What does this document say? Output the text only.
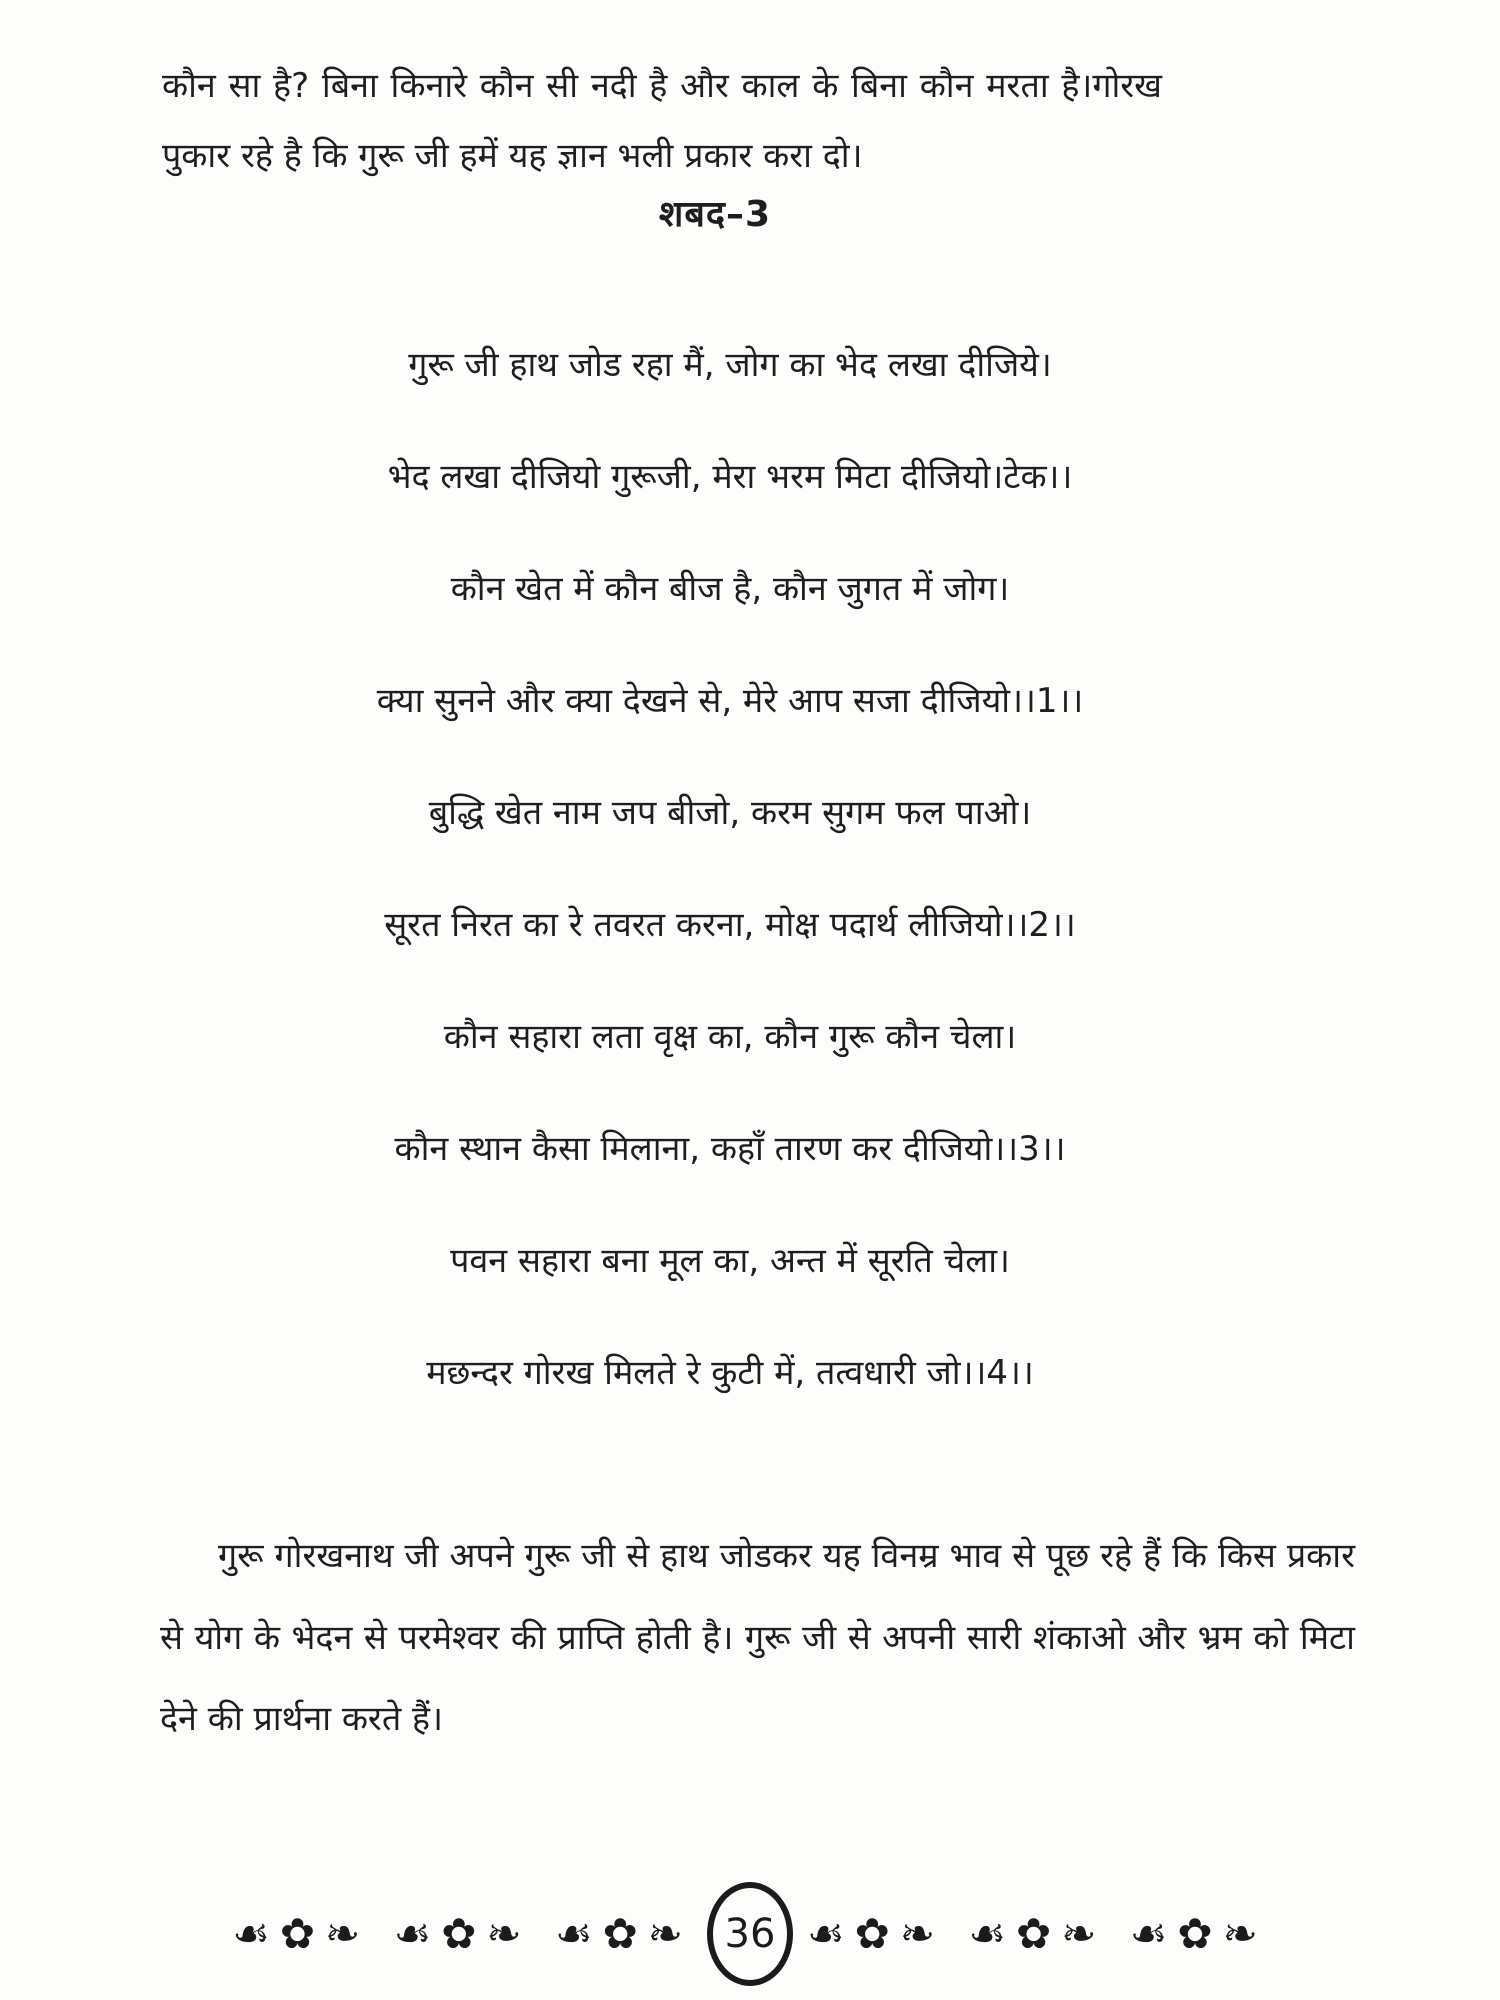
कौन सा है? बिना किनारे कौन सी नदी है और काल के बिना कौन मरता है।गोरख पुकार रहे है कि गुरू जी हमें यह ज्ञान भली प्रकार करा दो।

शबद–3
गुरू जी हाथ जोड रहा मैं, जोग का भेद लखा दीजिये।
भेद लखा दीजियो गुरूजी, मेरा भरम मिटा दीजियो।टेक।।
कौन खेत में कौन बीज है, कौन जुगत में जोग।
क्या सुनने और क्या देखने से, मेरे आप सजा दीजियो।।1।।
बुद्धि खेत नाम जप बीजो, करम सुगम फल पाओ।
सूरत निरत का रे तवरत करना, मोक्ष पदार्थ लीजियो।।2।।
कौन सहारा लता वृक्ष का, कौन गुरू कौन चेला।
कौन स्थान कैसा मिलाना, कहाँ तारण कर दीजियो।।3।।
पवन सहारा बना मूल का, अन्त में सूरति चेला।
मछन्दर गोरख मिलते रे कुटी में, तत्वधारी जो।।4।।

गुरू गोरखनाथ जी अपने गुरू जी से हाथ जोडकर यह विनम्र भाव से पूछ रहे हैं कि किस प्रकार से योग के भेदन से परमेश्वर की प्राप्ति होती है। गुरू जी से अपनी सारी शंकाओ और भ्रम को मिटा देने की प्रार्थना करते हैं।

☙✿❧ ☙✿❧ ☙✿❧ 36 ☙✿❧ ☙✿❧ ☙✿❧
